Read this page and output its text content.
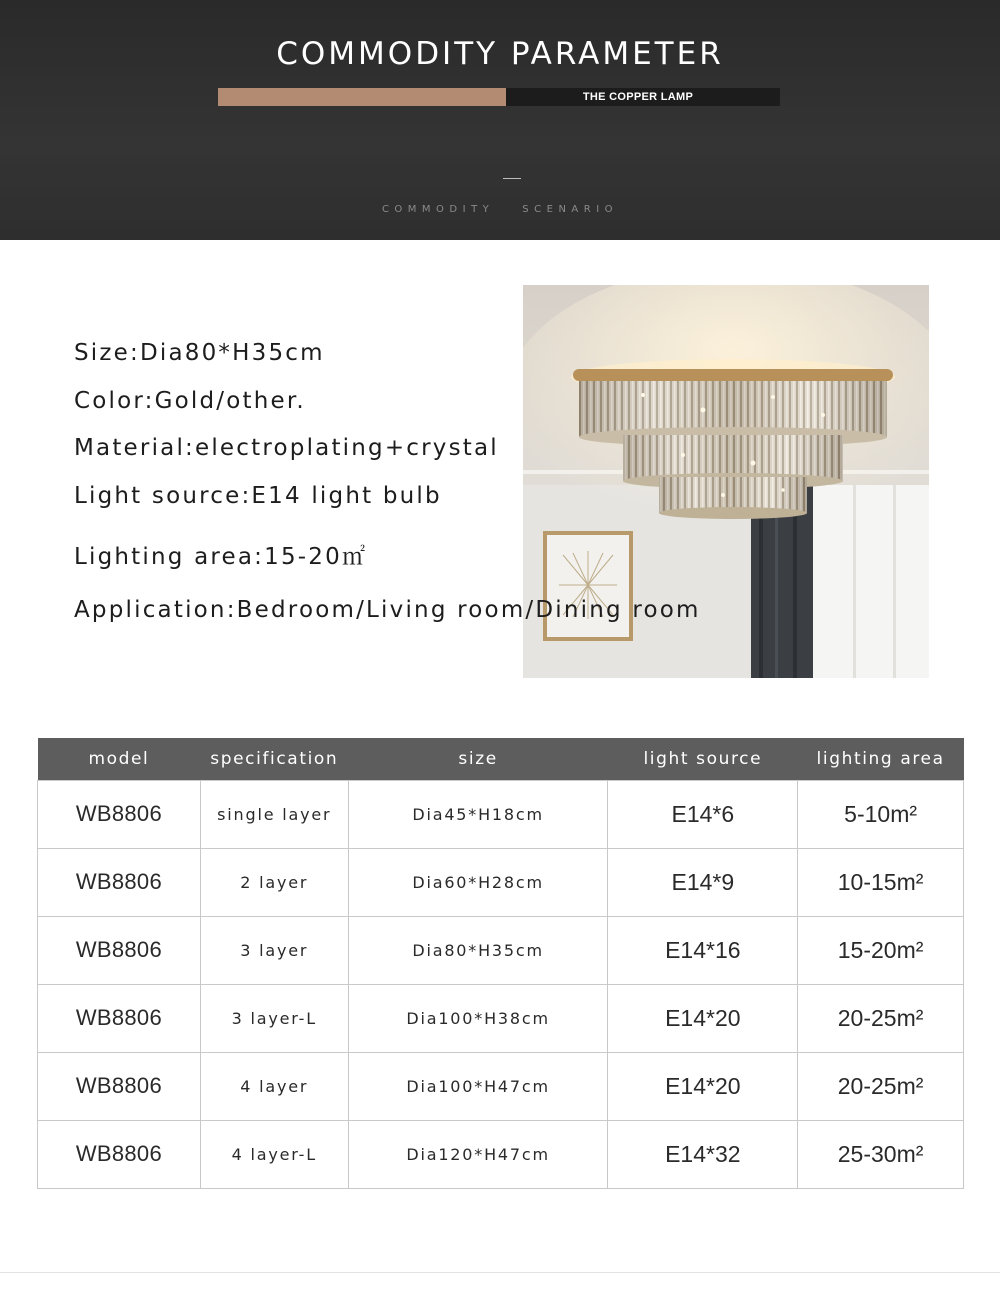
COMMODITY PARAMETER
THE COPPER LAMP
COMMODITY	SCENARIO
Size:Dia80*H35cm
Color:Gold/other.
Material:electroplating+crystal
Light source:E14 light bulb
Lighting area:15-20㎡
Application:Bedroom/Living room/Dining room
model	specification	size	light source	lighting area
WB8806	single layer	Dia45*H18cm	E14*6	5-10m²
WB8806	2 layer	Dia60*H28cm	E14*9	10-15m²
WB8806	3 layer	Dia80*H35cm	E14*16	15-20m²
WB8806	3 layer-L	Dia100*H38cm	E14*20	20-25m²
WB8806	4 layer	Dia100*H47cm	E14*20	20-25m²
WB8806	4 layer-L	Dia120*H47cm	E14*32	25-30m²
